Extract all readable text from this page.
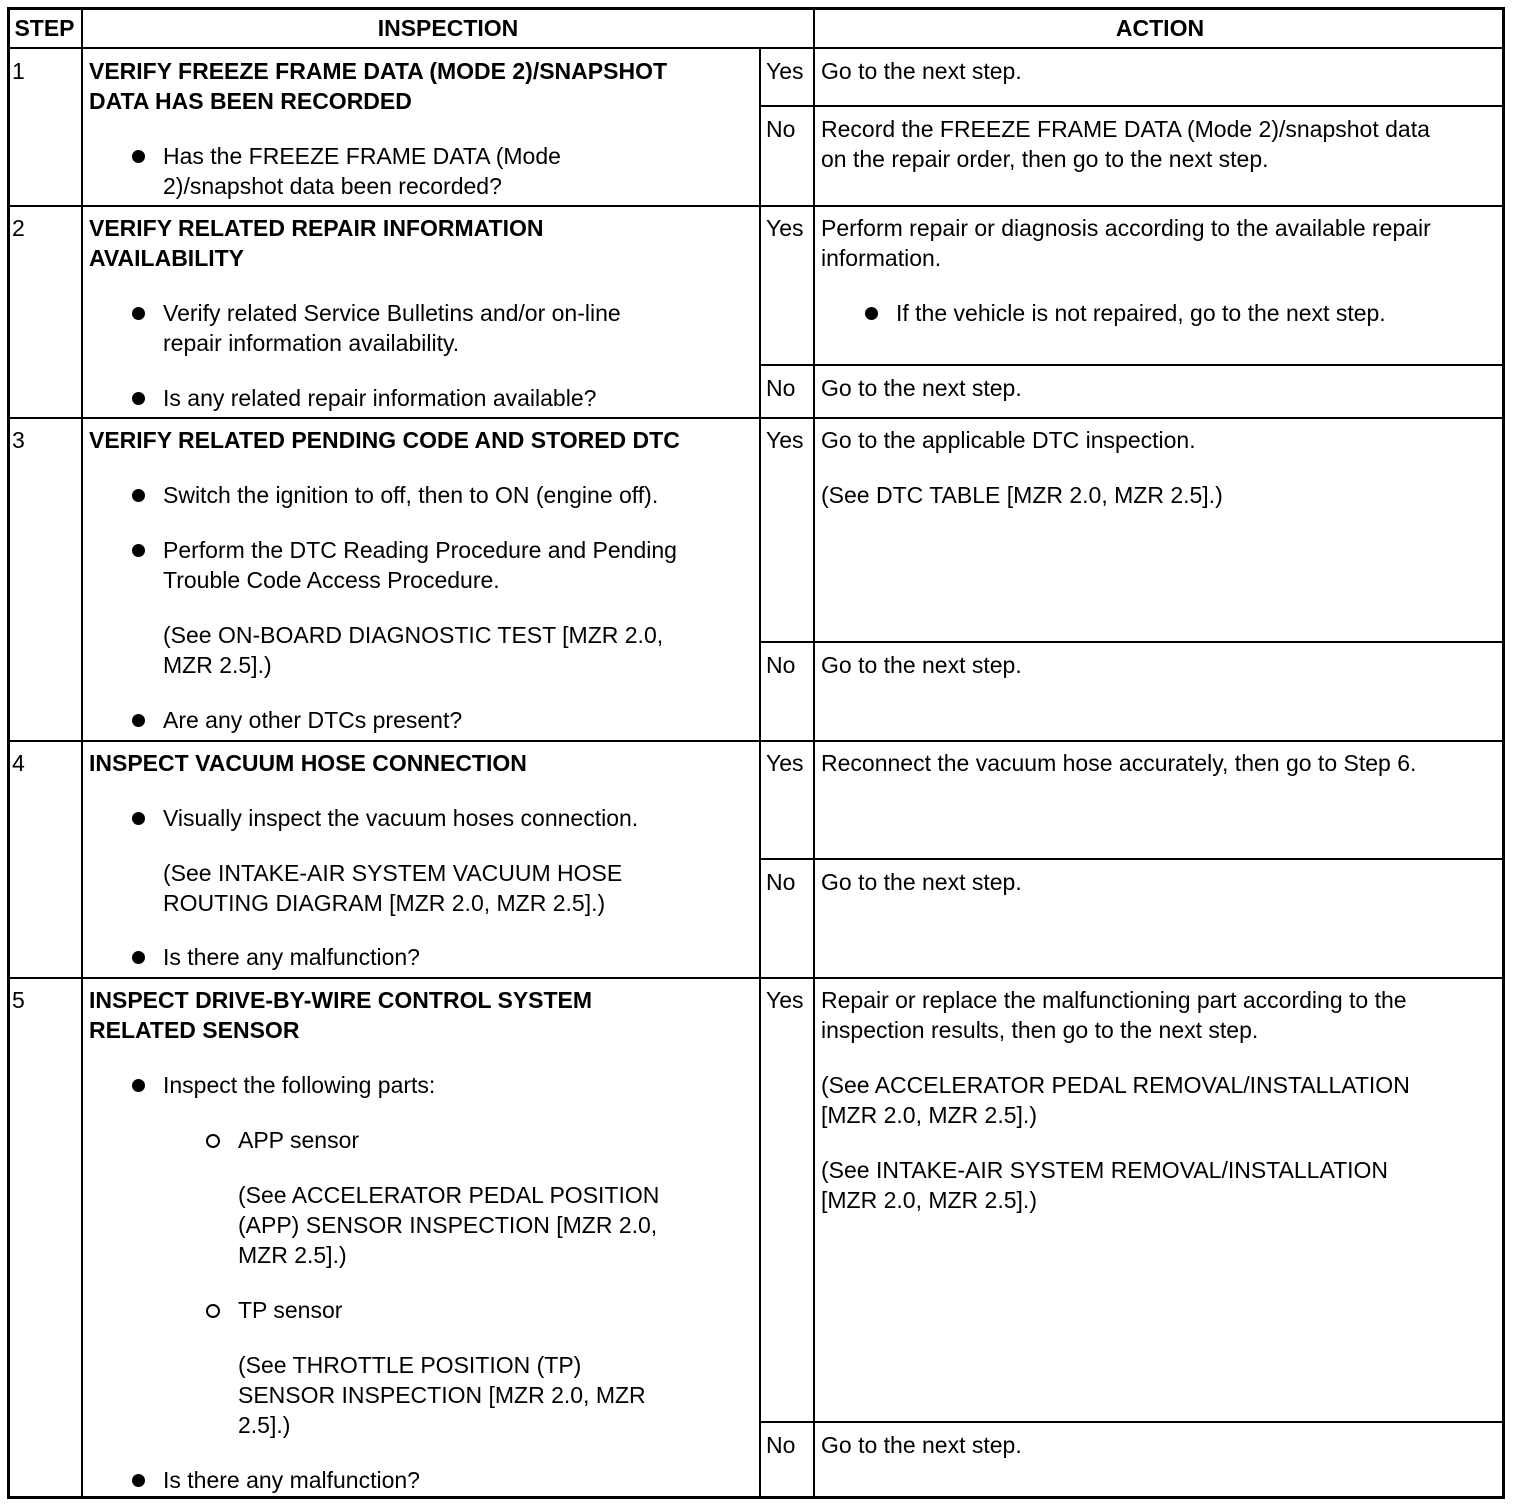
STEP	INSPECTION	ACTION
1	VERIFY FREEZE FRAME DATA (MODE 2)/SNAPSHOT
DATA HAS BEEN RECORDED
Has the FREEZE FRAME DATA (Mode
2)/snapshot data been recorded?
Yes Go to the next step.
No Record the FREEZE FRAME DATA (Mode 2)/snapshot data
on the repair order, then go to the next step.
2	VERIFY RELATED REPAIR INFORMATION
AVAILABILITY
Verify related Service Bulletins and/or on-line
repair information availability.
Is any related repair information available?
Yes Perform repair or diagnosis according to the available repair
information.
If the vehicle is not repaired, go to the next step.
No Go to the next step.
3	VERIFY RELATED PENDING CODE AND STORED DTC
Switch the ignition to off, then to ON (engine off).
Perform the DTC Reading Procedure and Pending
Trouble Code Access Procedure.
(See ON-BOARD DIAGNOSTIC TEST [MZR 2.0,
MZR 2.5].)
Are any other DTCs present?
Yes Go to the applicable DTC inspection.
(See DTC TABLE [MZR 2.0, MZR 2.5].)
No Go to the next step.
4	INSPECT VACUUM HOSE CONNECTION
Visually inspect the vacuum hoses connection.
(See INTAKE-AIR SYSTEM VACUUM HOSE
ROUTING DIAGRAM [MZR 2.0, MZR 2.5].)
Is there any malfunction?
Yes Reconnect the vacuum hose accurately, then go to Step 6.
No Go to the next step.
5	INSPECT DRIVE-BY-WIRE CONTROL SYSTEM
RELATED SENSOR
Inspect the following parts:
APP sensor
(See ACCELERATOR PEDAL POSITION
(APP) SENSOR INSPECTION [MZR 2.0,
MZR 2.5].)
TP sensor
(See THROTTLE POSITION (TP)
SENSOR INSPECTION [MZR 2.0, MZR
2.5].)
Is there any malfunction?
Yes Repair or replace the malfunctioning part according to the
inspection results, then go to the next step.
(See ACCELERATOR PEDAL REMOVAL/INSTALLATION
[MZR 2.0, MZR 2.5].)
(See INTAKE-AIR SYSTEM REMOVAL/INSTALLATION
[MZR 2.0, MZR 2.5].)
No Go to the next step.
